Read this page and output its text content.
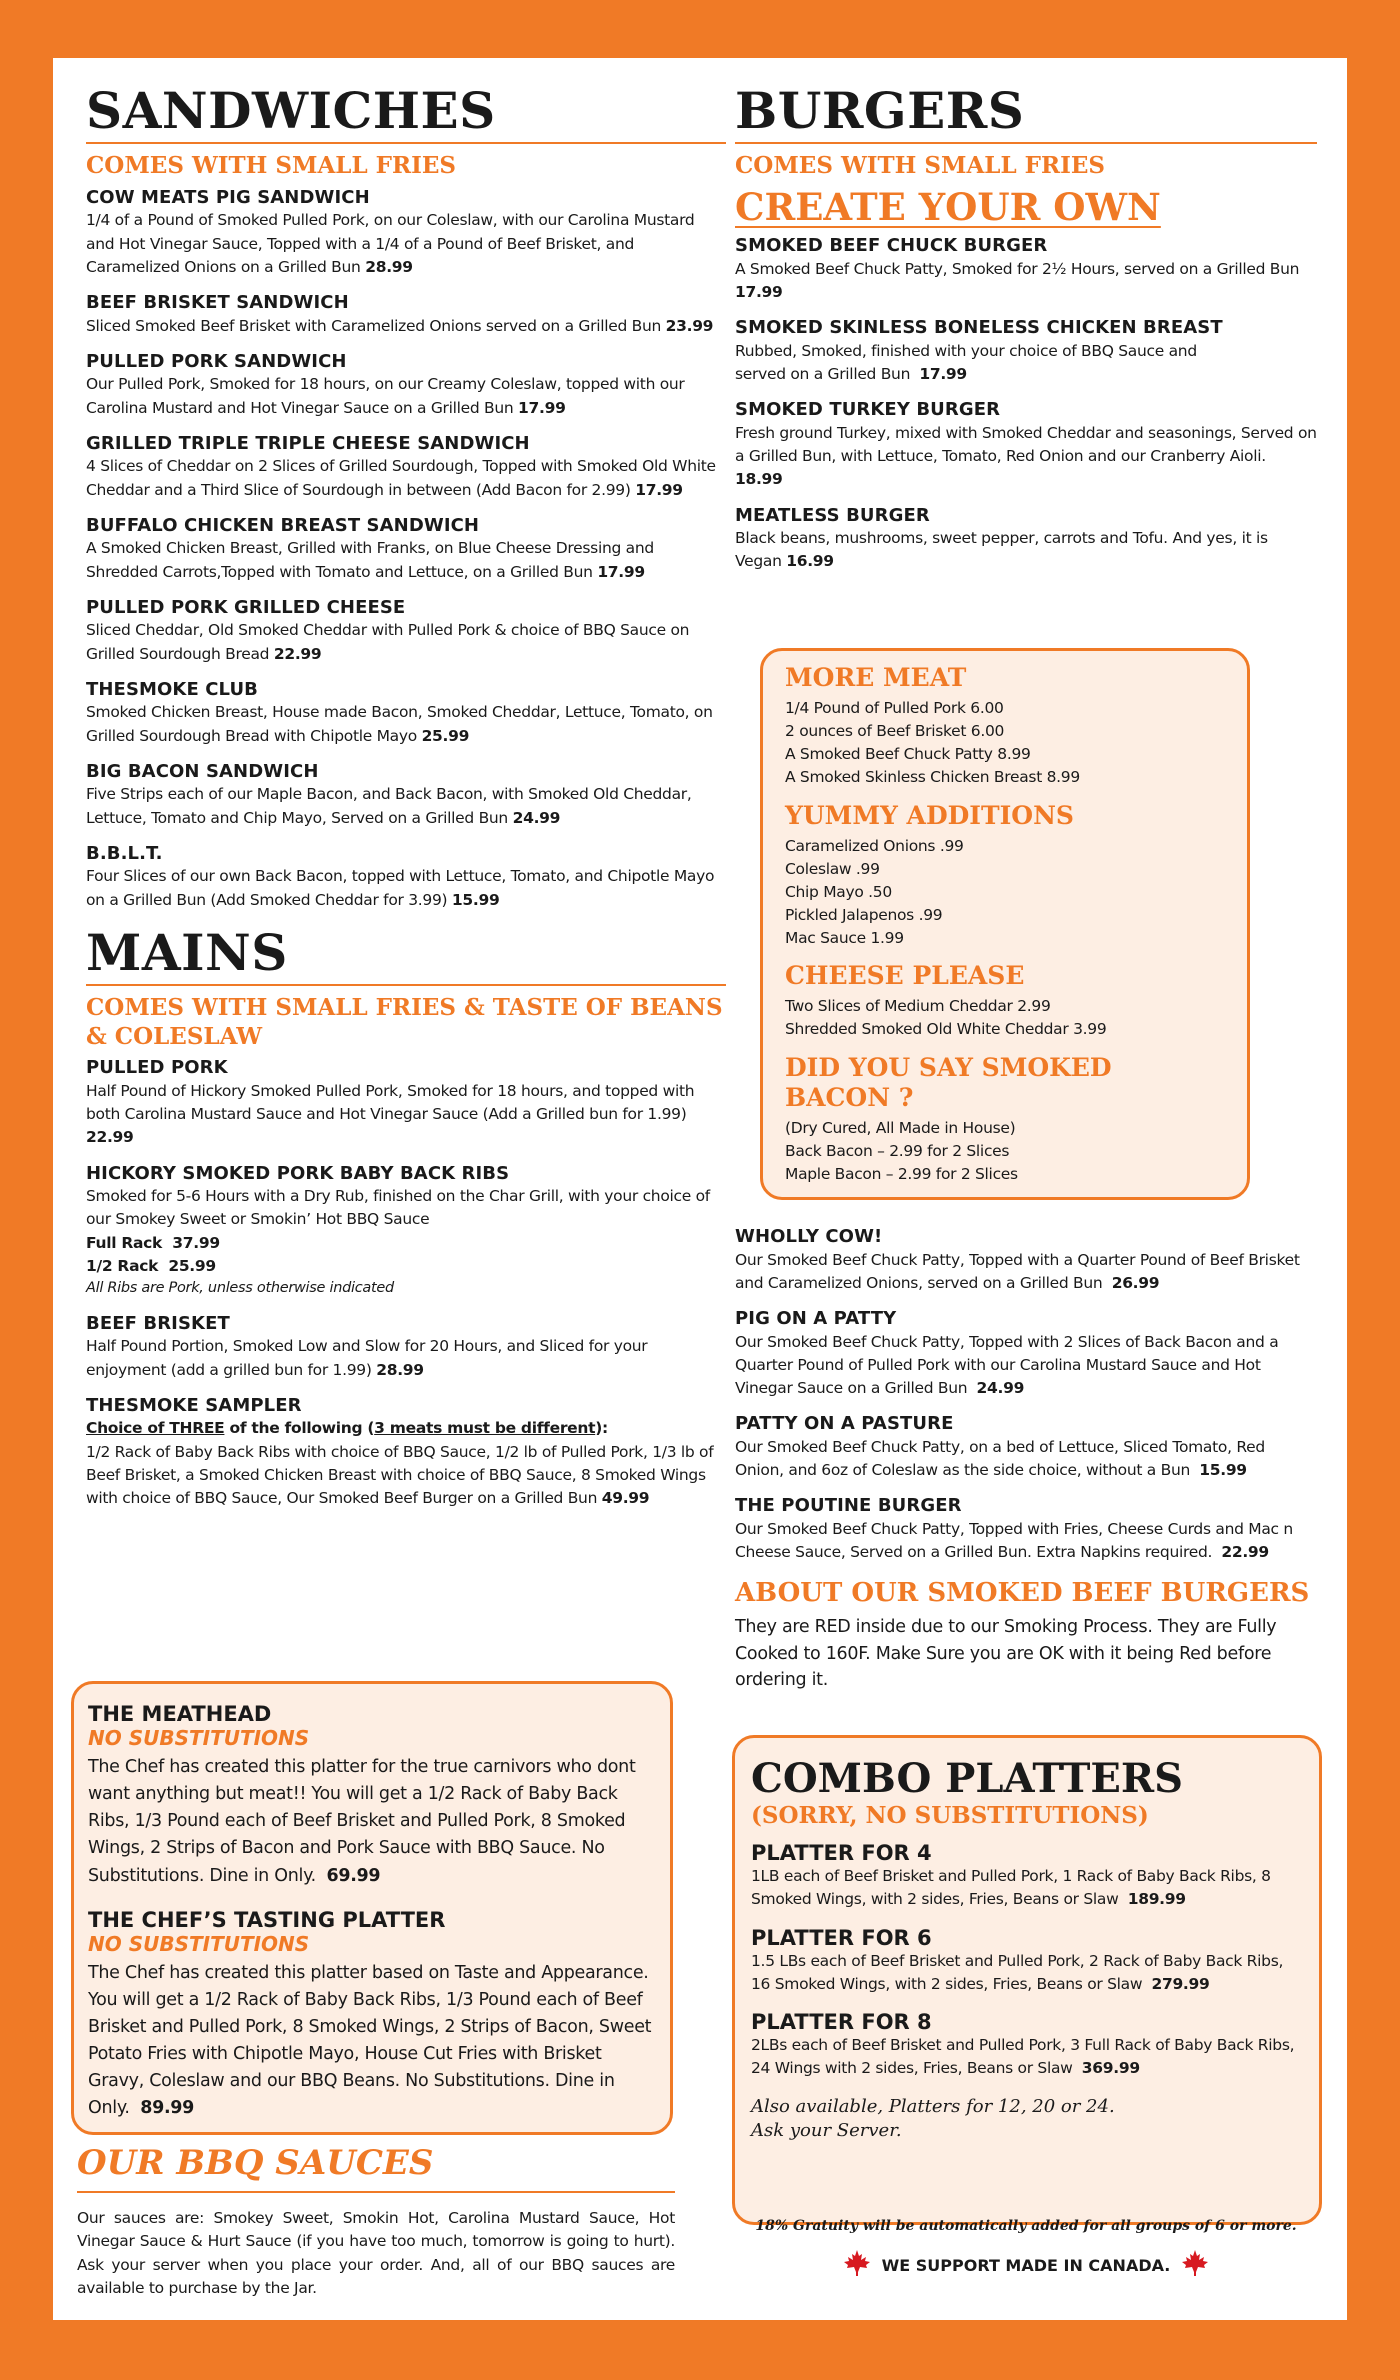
SANDWICHES
COMES WITH SMALL FRIES
COW MEATS PIG SANDWICH
1/4 of a Pound of Smoked Pulled Pork, on our Coleslaw, with our Carolina Mustard and Hot Vinegar Sauce, Topped with a 1/4 of a Pound of Beef Brisket, and Caramelized Onions on a Grilled Bun 28.99
BEEF BRISKET SANDWICH
Sliced Smoked Beef Brisket with Caramelized Onions served on a Grilled Bun 23.99
PULLED PORK SANDWICH
Our Pulled Pork, Smoked for 18 hours, on our Creamy Coleslaw, topped with our Carolina Mustard and Hot Vinegar Sauce on a Grilled Bun 17.99
GRILLED TRIPLE TRIPLE CHEESE SANDWICH
4 Slices of Cheddar on 2 Slices of Grilled Sourdough, Topped with Smoked Old White Cheddar and a Third Slice of Sourdough in between (Add Bacon for 2.99) 17.99
BUFFALO CHICKEN BREAST SANDWICH
A Smoked Chicken Breast, Grilled with Franks, on Blue Cheese Dressing and Shredded Carrots,Topped with Tomato and Lettuce, on a Grilled Bun 17.99
PULLED PORK GRILLED CHEESE
Sliced Cheddar, Old Smoked Cheddar with Pulled Pork & choice of BBQ Sauce on Grilled Sourdough Bread 22.99
THESMOKE CLUB
Smoked Chicken Breast, House made Bacon, Smoked Cheddar, Lettuce, Tomato, on Grilled Sourdough Bread with Chipotle Mayo 25.99
BIG BACON SANDWICH
Five Strips each of our Maple Bacon, and Back Bacon, with Smoked Old Cheddar, Lettuce, Tomato and Chip Mayo, Served on a Grilled Bun 24.99
B.B.L.T.
Four Slices of our own Back Bacon, topped with Lettuce, Tomato, and Chipotle Mayo on a Grilled Bun (Add Smoked Cheddar for 3.99) 15.99
MAINS
COMES WITH SMALL FRIES & TASTE OF BEANS & COLESLAW
PULLED PORK
Half Pound of Hickory Smoked Pulled Pork, Smoked for 18 hours, and topped with both Carolina Mustard Sauce and Hot Vinegar Sauce (Add a Grilled bun for 1.99) 22.99
HICKORY SMOKED PORK BABY BACK RIBS
Smoked for 5-6 Hours with a Dry Rub, finished on the Char Grill, with your choice of our Smokey Sweet or Smokin’ Hot BBQ Sauce
Full Rack 37.99
1/2 Rack 25.99
All Ribs are Pork, unless otherwise indicated
BEEF BRISKET
Half Pound Portion, Smoked Low and Slow for 20 Hours, and Sliced for your enjoyment (add a grilled bun for 1.99) 28.99
THESMOKE SAMPLER
Choice of THREE of the following (3 meats must be different):
1/2 Rack of Baby Back Ribs with choice of BBQ Sauce, 1/2 lb of Pulled Pork, 1/3 lb of Beef Brisket, a Smoked Chicken Breast with choice of BBQ Sauce, 8 Smoked Wings with choice of BBQ Sauce, Our Smoked Beef Burger on a Grilled Bun 49.99
THE MEATHEAD
NO SUBSTITUTIONS
The Chef has created this platter for the true carnivors who dont want anything but meat!! You will get a 1/2 Rack of Baby Back Ribs, 1/3 Pound each of Beef Brisket and Pulled Pork, 8 Smoked Wings, 2 Strips of Bacon and Pork Sauce with BBQ Sauce. No Substitutions. Dine in Only. 69.99
THE CHEF’S TASTING PLATTER
NO SUBSTITUTIONS
The Chef has created this platter based on Taste and Appearance. You will get a 1/2 Rack of Baby Back Ribs, 1/3 Pound each of Beef Brisket and Pulled Pork, 8 Smoked Wings, 2 Strips of Bacon, Sweet Potato Fries with Chipotle Mayo, House Cut Fries with Brisket Gravy, Coleslaw and our BBQ Beans. No Substitutions. Dine in Only. 89.99
OUR BBQ SAUCES
Our sauces are: Smokey Sweet, Smokin Hot, Carolina Mustard Sauce, Hot Vinegar Sauce & Hurt Sauce (if you have too much, tomorrow is going to hurt). Ask your server when you place your order. And, all of our BBQ sauces are available to purchase by the Jar.
BURGERS
COMES WITH SMALL FRIES
CREATE YOUR OWN
SMOKED BEEF CHUCK BURGER
A Smoked Beef Chuck Patty, Smoked for 2½ Hours, served on a Grilled Bun  17.99
SMOKED SKINLESS BONELESS CHICKEN BREAST
Rubbed, Smoked, finished with your choice of BBQ Sauce and served on a Grilled Bun 17.99
SMOKED TURKEY BURGER
Fresh ground Turkey, mixed with Smoked Cheddar and seasonings, Served on a Grilled Bun, with Lettuce, Tomato, Red Onion and our Cranberry Aioli. 18.99
MEATLESS BURGER
Black beans, mushrooms, sweet pepper, carrots and Tofu. And yes, it is Vegan 16.99
MORE MEAT
1/4 Pound of Pulled Pork 6.00
2 ounces of Beef Brisket 6.00
A Smoked Beef Chuck Patty 8.99
A Smoked Skinless Chicken Breast 8.99
YUMMY ADDITIONS
Caramelized Onions .99
Coleslaw .99
Chip Mayo .50
Pickled Jalapenos .99
Mac Sauce 1.99
CHEESE PLEASE
Two Slices of Medium Cheddar 2.99
Shredded Smoked Old White Cheddar 3.99
DID YOU SAY SMOKED BACON ?
(Dry Cured, All Made in House)
Back Bacon – 2.99 for 2 Slices
Maple Bacon – 2.99 for 2 Slices
WHOLLY COW!
Our Smoked Beef Chuck Patty, Topped with a Quarter Pound of Beef Brisket and Caramelized Onions, served on a Grilled Bun 26.99
PIG ON A PATTY
Our Smoked Beef Chuck Patty, Topped with 2 Slices of Back Bacon and a Quarter Pound of Pulled Pork with our Carolina Mustard Sauce and Hot Vinegar Sauce on a Grilled Bun 24.99
PATTY ON A PASTURE
Our Smoked Beef Chuck Patty, on a bed of Lettuce, Sliced Tomato, Red Onion, and 6oz of Coleslaw as the side choice, without a Bun 15.99
THE POUTINE BURGER
Our Smoked Beef Chuck Patty, Topped with Fries, Cheese Curds and Mac n Cheese Sauce, Served on a Grilled Bun. Extra Napkins required. 22.99
ABOUT OUR SMOKED BEEF BURGERS
They are RED inside due to our Smoking Process. They are Fully Cooked to 160F. Make Sure you are OK with it being Red before ordering it.
COMBO PLATTERS
(SORRY, NO SUBSTITUTIONS)
PLATTER FOR 4
1LB each of Beef Brisket and Pulled Pork, 1 Rack of Baby Back Ribs, 8 Smoked Wings, with 2 sides, Fries, Beans or Slaw 189.99
PLATTER FOR 6
1.5 LBs each of Beef Brisket and Pulled Pork, 2 Rack of Baby Back Ribs, 16 Smoked Wings, with 2 sides, Fries, Beans or Slaw 279.99
PLATTER FOR 8
2LBs each of Beef Brisket and Pulled Pork, 3 Full Rack of Baby Back Ribs, 24 Wings with 2 sides, Fries, Beans or Slaw 369.99
Also available, Platters for 12, 20 or 24.
Ask your Server.
18% Gratuity will be automatically added for all groups of 6 or more.
WE SUPPORT MADE IN CANADA.
